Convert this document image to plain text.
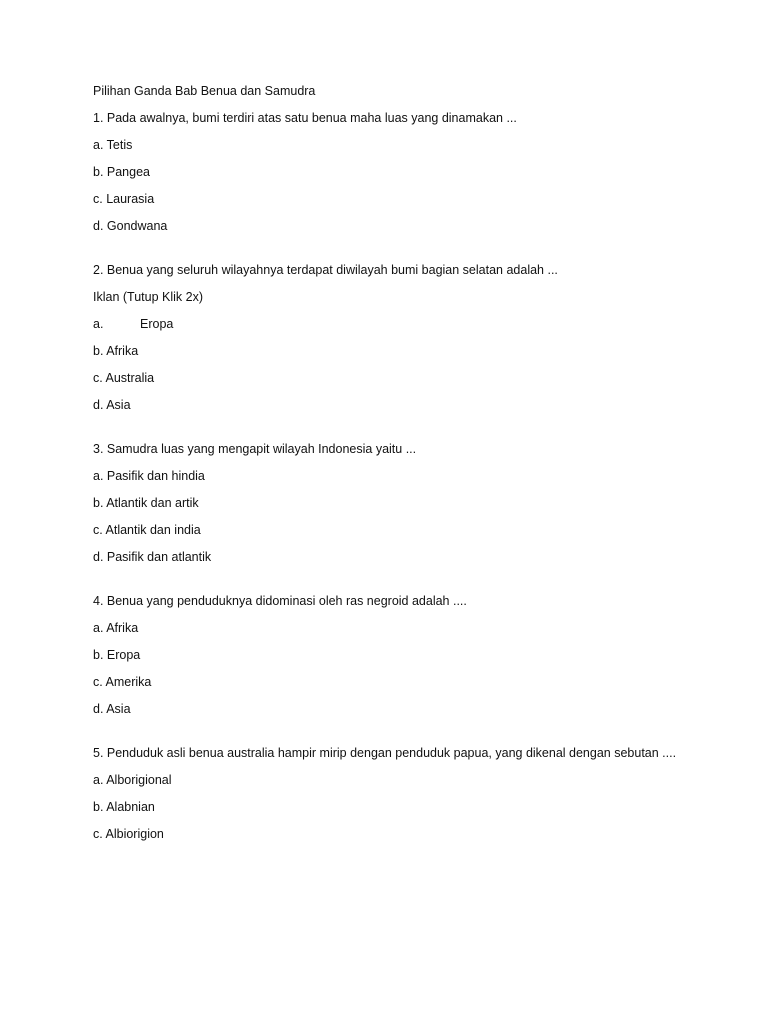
Pilihan Ganda Bab Benua dan Samudra

1. Pada awalnya, bumi terdiri atas satu benua maha luas yang dinamakan ...

a. Tetis

b. Pangea

c. Laurasia

d. Gondwana

2. Benua yang seluruh wilayahnya terdapat diwilayah bumi bagian selatan adalah ...

Iklan (Tutup Klik 2x)

a.	Eropa

b. Afrika

c. Australia

d. Asia

3. Samudra luas yang mengapit wilayah Indonesia yaitu ...

a. Pasifik dan hindia

b. Atlantik dan artik

c. Atlantik dan india

d. Pasifik dan atlantik

4. Benua yang penduduknya didominasi oleh ras negroid adalah ....

a. Afrika

b. Eropa

c. Amerika

d. Asia

5. Penduduk asli benua australia hampir mirip dengan penduduk papua, yang dikenal dengan sebutan ....

a. Alborigional

b. Alabnian

c. Albiorigion
